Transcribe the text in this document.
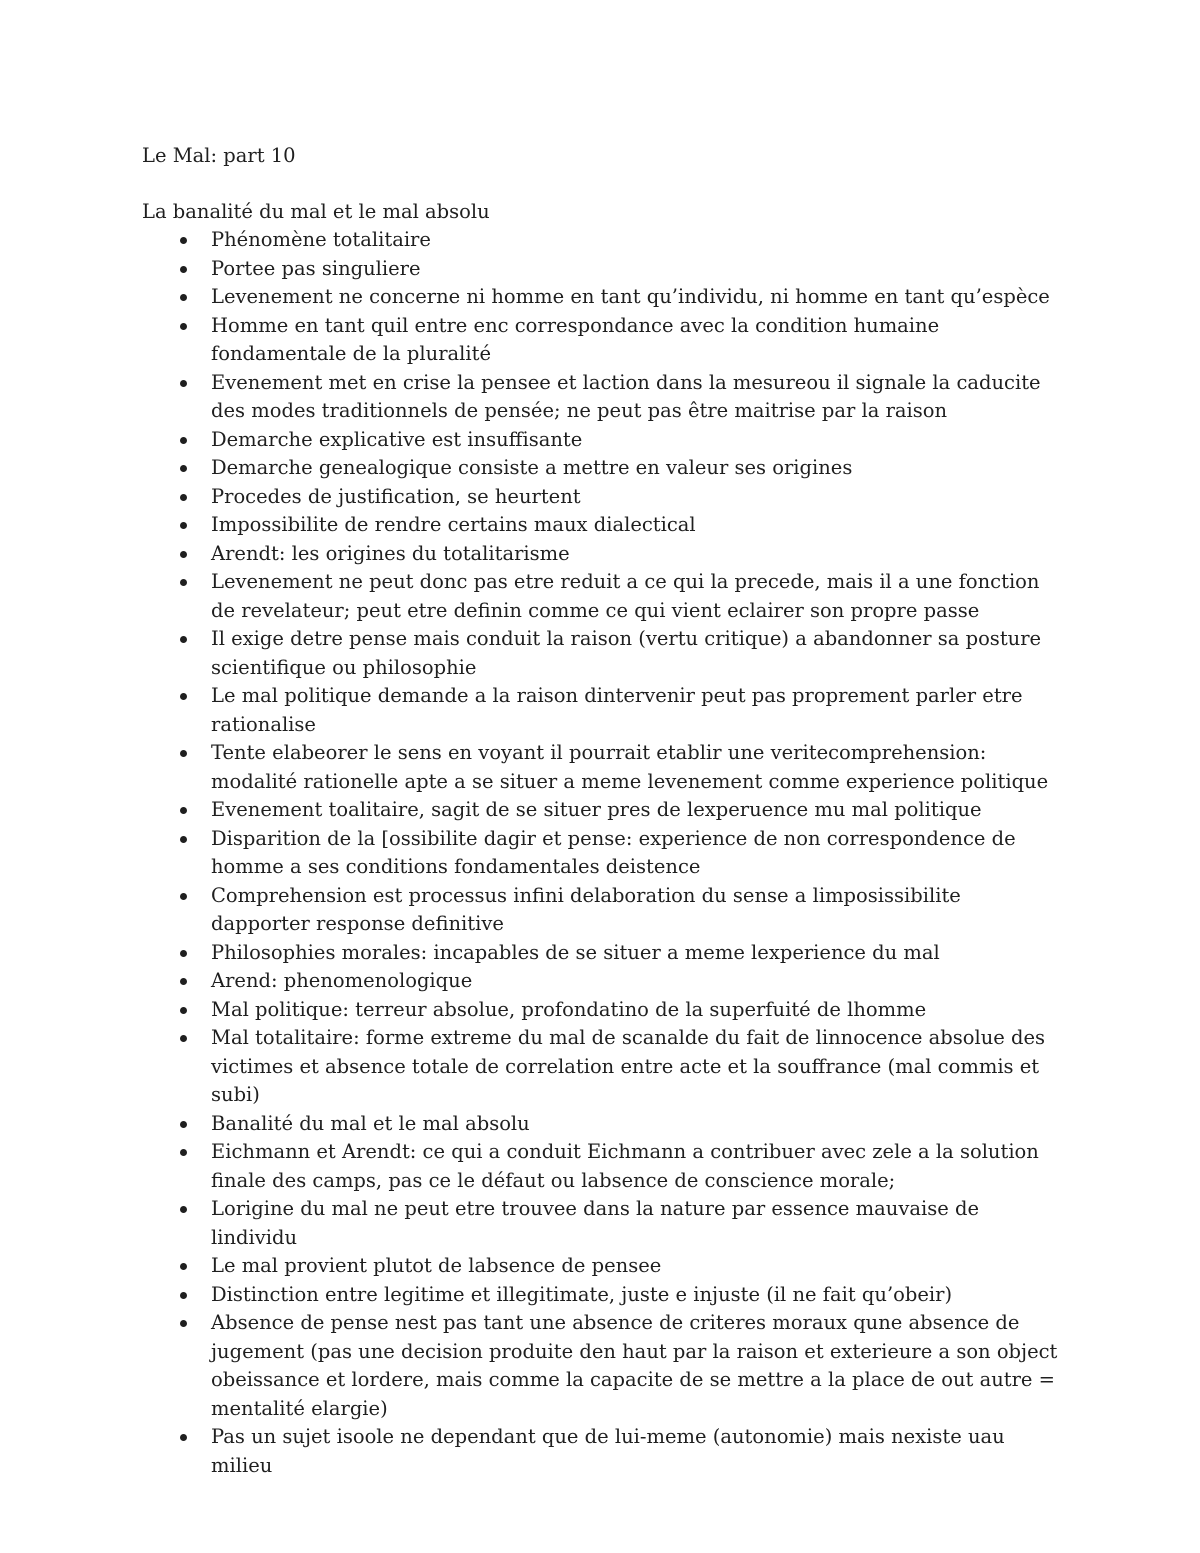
Le Mal: part 10
La banalité du mal et le mal absolu
Phénomène totalitaire
Portee pas singuliere
Levenement ne concerne ni homme en tant qu’individu, ni homme en tant qu’espèce
Homme en tant quil entre enc correspondance avec la condition humaine fondamentale de la pluralité
Evenement met en crise la pensee et laction dans la mesureou il signale la caducite des modes traditionnels de pensée; ne peut pas être maitrise par la raison
Demarche explicative est insuffisante
Demarche genealogique consiste a mettre en valeur ses origines
Procedes de justification, se heurtent
Impossibilite de rendre certains maux dialectical
Arendt: les origines du totalitarisme
Levenement ne peut donc pas etre reduit a ce qui la precede, mais il a une fonction de revelateur; peut etre definin comme ce qui vient eclairer son propre passe
Il exige detre pense mais conduit la raison (vertu critique) a abandonner sa posture scientifique ou philosophie
Le mal politique demande a la raison dintervenir peut pas proprement parler etre rationalise
Tente elabeorer le sens en voyant il pourrait etablir une veritecomprehension: modalité rationelle apte a se situer a meme levenement comme experience politique
Evenement toalitaire, sagit de se situer pres de lexperuence mu mal politique
Disparition de la [ossibilite dagir et pense: experience de non correspondence de homme a ses conditions fondamentales deistence
Comprehension est processus infini delaboration du sense a limposissibilite dapporter response definitive
Philosophies morales: incapables de se situer a meme lexperience du mal
Arend: phenomenologique
Mal politique: terreur absolue, profondatino de la superfuité de lhomme
Mal totalitaire: forme extreme du mal de scanalde du fait de linnocence absolue des victimes et absence totale de correlation entre acte et la souffrance (mal commis et subi)
Banalité du mal et le mal absolu
Eichmann et Arendt: ce qui a conduit Eichmann a contribuer avec zele a la solution finale des camps, pas ce le défaut ou labsence de conscience morale;
Lorigine du mal ne peut etre trouvee dans la nature par essence mauvaise de lindividu
Le mal provient plutot de labsence de pensee
Distinction entre legitime et illegitimate, juste e injuste (il ne fait qu’obeir)
Absence de pense nest pas tant une absence de criteres moraux qune absence de jugement (pas une decision produite den haut par la raison et exterieure a son object obeissance et lordere, mais comme la capacite de se mettre a la place de out autre = mentalité elargie)
Pas un sujet isoole ne dependant que de lui-meme (autonomie) mais nexiste uau milieu
